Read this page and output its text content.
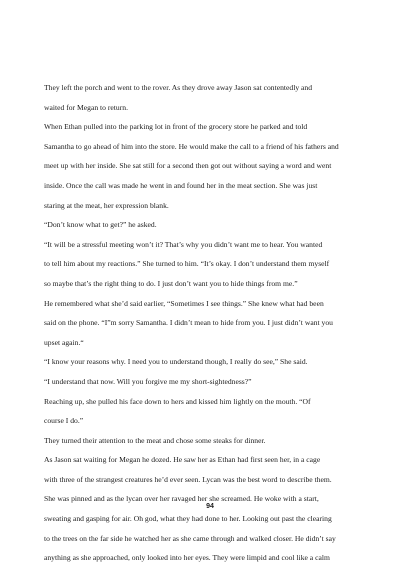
They left the porch and went to the rover. As they drove away Jason sat contentedly and
waited for Megan to return.
When Ethan pulled into the parking lot in front of the grocery store he parked and told
Samantha to go ahead of him into the store. He would make the call to a friend of his fathers and
meet up with her inside. She sat still for a second then got out without saying a word and went
inside. Once the call was made he went in and found her in the meat section. She was just
staring at the meat, her expression blank.
“Don’t know what to get?” he asked.
“It will be a stressful meeting won’t it? That’s why you didn’t want me to hear. You wanted
to tell him about my reactions.” She turned to him. “It’s okay. I don’t understand them myself
so maybe that’s the right thing to do. I just don’t want you to hide things from me.”
He remembered what she’d said earlier, “Sometimes I see things.” She knew what had been
said on the phone. “I”m sorry Samantha. I didn’t mean to hide from you. I just didn’t want you
upset again.“
“I know your reasons why. I need you to understand though, I really do see,” She said.
“I understand that now. Will you forgive me my short-sightedness?”
Reaching up, she pulled his face down to hers and kissed him lightly on the mouth. “Of
course I do.”
They turned their attention to the meat and chose some steaks for dinner.
As Jason sat waiting for Megan he dozed. He saw her as Ethan had first seen her, in a cage
with three of the strangest creatures he’d ever seen. Lycan was the best word to describe them.
She was pinned and as the lycan over her ravaged her she screamed. He woke with a start,
sweating and gasping for air. Oh god, what they had done to her. Looking out past the clearing
to the trees on the far side he watched her as she came through and walked closer. He didn’t say
anything as she approached, only looked into her eyes. They were limpid and cool like a calm
94
